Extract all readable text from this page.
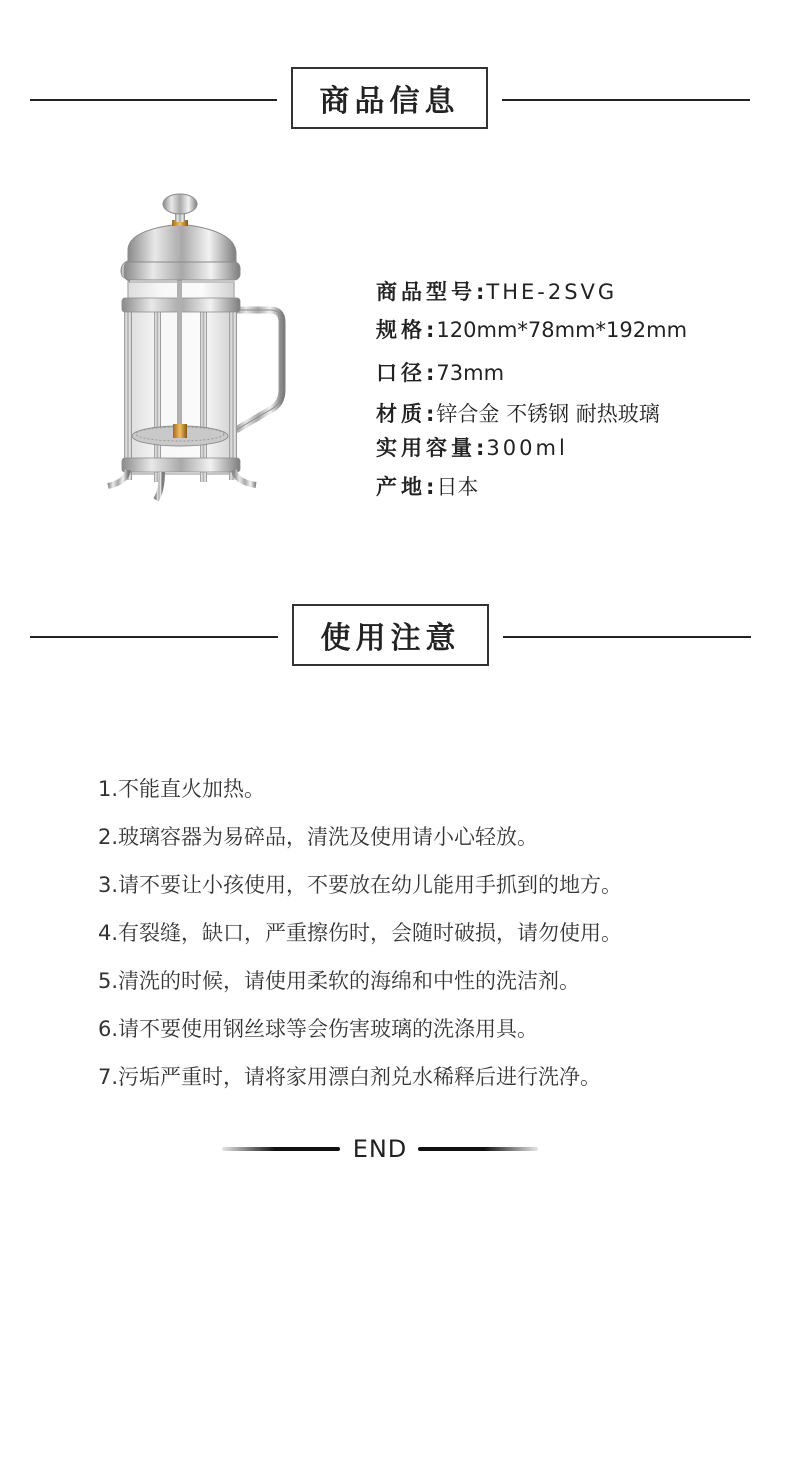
商品信息
商品型号:THE-2SVG
规格:120mm*78mm*192mm
口径:73mm
材质:锌合金 不锈钢 耐热玻璃
实用容量:300ml
产地:日本
使用注意
1.不能直火加热。
2.玻璃容器为易碎品，清洗及使用请小心轻放。
3.请不要让小孩使用，不要放在幼儿能用手抓到的地方。
4.有裂缝，缺口，严重擦伤时，会随时破损，请勿使用。
5.清洗的时候，请使用柔软的海绵和中性的洗洁剂。
6.请不要使用钢丝球等会伤害玻璃的洗涤用具。
7.污垢严重时，请将家用漂白剂兑水稀释后进行洗净。
END
